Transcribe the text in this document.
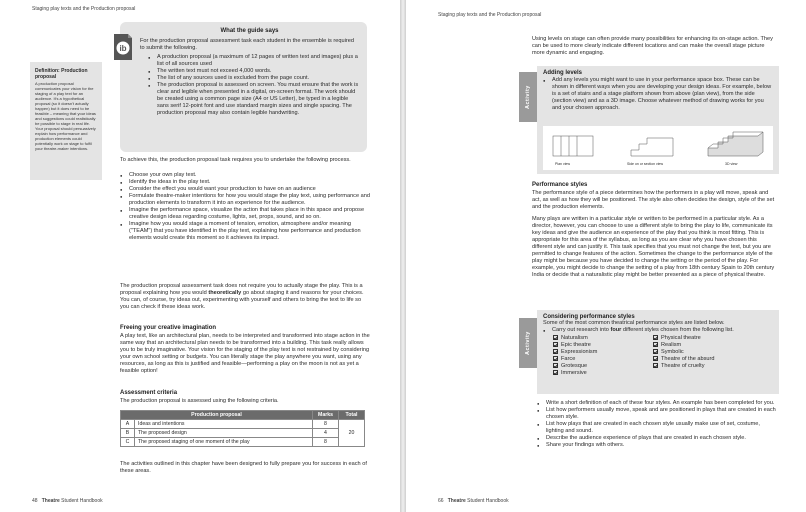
Staging play texts and the Production proposal
What the guide says

For the production proposal assessment task each student in the ensemble is required to submit the following.

● A production proposal (a maximum of 12 pages of written text and images) plus a list of all sources used
● The written text must not exceed 4,000 words.
● The list of any sources used is excluded from the page count.
● The production proposal is assessed on screen. You must ensure that the work is clear and legible when presented in a digital, on-screen format. The work should be created using a common page size (A4 or US Letter), be typed in a legible sans serif 12-point font and use standard margin sizes and single spacing. The production proposal may also contain legible handwriting.
ib
Definition: Production proposal
A production proposal communicates your vision for the staging of a play text for an audience. It's a hypothetical proposal (so it doesn't actually happen) but it does need to be feasible – meaning that your ideas and suggestions could realistically be possible to stage in real life. Your proposal should persuasively explain how performance and production elements could potentially work on stage to fulfil your theatre-maker intentions.

To achieve this, the production proposal task requires you to undertake the following process.

● Choose your own play text.
● Identify the ideas in the play text.
● Consider the effect you would want your production to have on an audience
● Formulate theatre-maker intentions for how you would stage the play text, using performance and production elements to transform it into an experience for the audience.
● Imagine the performance space, visualize the action that takes place in this space and propose creative design ideas regarding costume, lights, set, props, sound, and so on.
● Imagine how you would stage a moment of tension, emotion, atmosphere and/or meaning ("TEAM") that you have identified in the play text, explaining how performance and production elements would create this moment so it achieves its impact.

The production proposal assessment task does not require you to actually stage the play. This is a proposal explaining how you would theoretically go about staging it and reasons for your choices. You can, of course, try ideas out, experimenting with yourself and others to bring the text to life so you can check if these ideas work.

Freeing your creative imagination

A play text, like an architectural plan, needs to be interpreted and transformed into stage action in the same way that an architectural plan needs to be transformed into a building. This task really allows you to be truly imaginative. Your vision for the staging of the play text is not restrained by considering your own school setting or budgets. You can literally stage the play anywhere you want, using any resources, as long as this is justified and feasible—performing a play on the moon is not as yet a feasible option!

Assessment criteria

The production proposal is assessed using the following criteria.

Production proposal		Marks	Total
A	Ideas and intentions	8	20
B	The proposed design	4	
C	The proposed staging of one moment of the play	8	

The activities outlined in this chapter have been designed to fully prepare you for success in each of these areas.

48 Theatre Student Handbook
Staging play texts and the Production proposal

Using levels on stage can often provide many possibilities for enhancing its on-stage action. They can be used to more clearly indicate different locations and can make the overall stage picture more dynamic and engaging.

Activity
Adding levels
● Add any levels you might want to use in your performance space box. These can be shown in different ways when you are developing your design ideas. For example, below is a set of stairs and a stage platform shown from above (plan view), from the side (section view) and as a 3D image. Choose whatever method of drawing works for you and your chosen approach.
Plan view	Side on or section view	3D view
Performance styles

The performance style of a piece determines how the performers in a play will move, speak and act, as well as how they will be positioned. The style also often decides the design, style of the set and the production elements.

Many plays are written in a particular style or written to be performed in a particular style. As a director, however, you can choose to use a different style to bring the play to life, communicate its key ideas and give the audience an experience of the play that you think is most fitting. This is appropriate for this area of the syllabus, as long as you are clear why you have chosen this different style and can justify it. This task specifies that you must not change the text, but you are permitted to change features of the action. Sometimes the change to the performance style of the play might be because you have decided to change the setting or the period of the play. For example, you might decide to change the setting of a play from 18th century Spain to 20th century India or decide that a naturalistic play might be better presented as a piece of physical theatre.

Activity
Considering performance styles

Some of the most common theatrical performance styles are listed below.

● Carry out research into four different styles chosen from the following list.

Naturalism

Epic theatre

Expressionism

Farce

Grotesque

Immersive

Physical theatre

Realism

Symbolic

Theatre of the absurd

Theatre of cruelty

● Write a short definition of each of these four styles. An example has been completed for you.
● List how performers usually move, speak and are positioned in plays that are created in each chosen style.
● List how plays that are created in each chosen style usually make use of set, costume, lighting and sound.
● Describe the audience experience of plays that are created in each chosen style.
● Share your findings with others.
66 Theatre Student Handbook
